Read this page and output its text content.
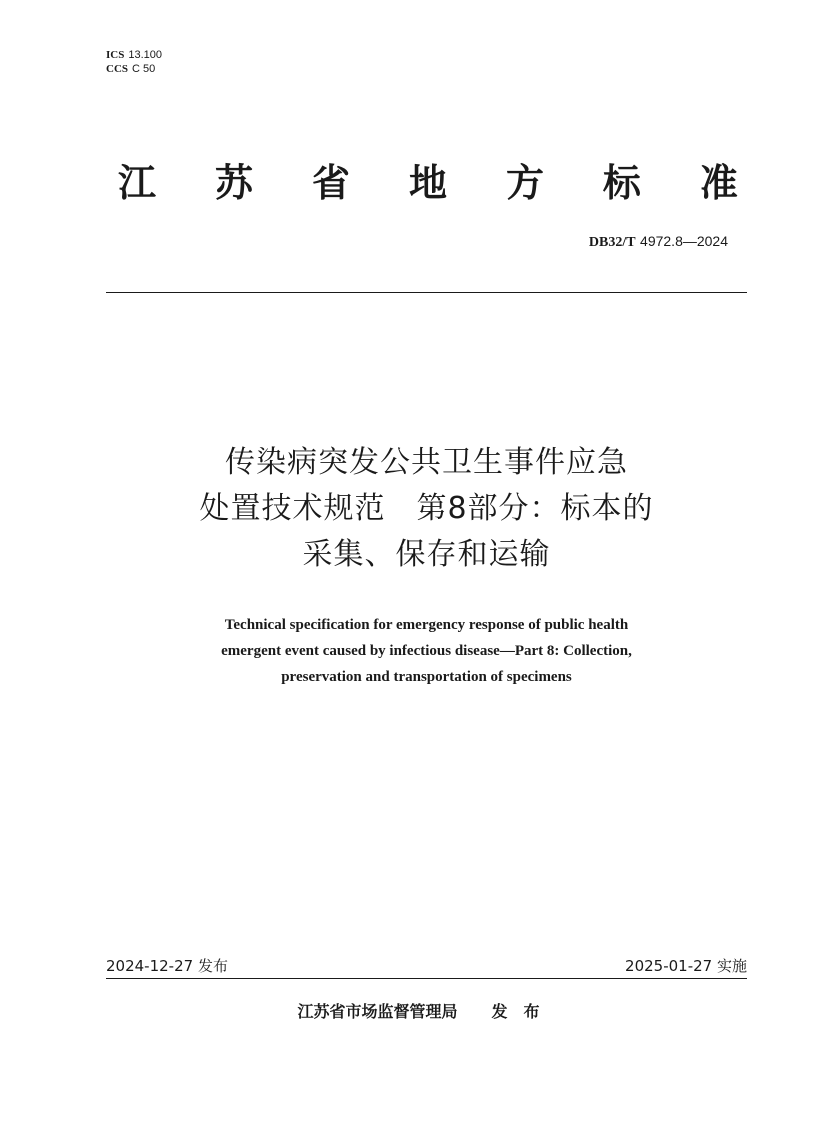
ICS 13.100
CCS C 50
江 苏 省 地 方 标 准
DB32/T 4972.8—2024
传染病突发公共卫生事件应急
处置技术规范　第8部分：标本的
采集、保存和运输
Technical specification for emergency response of public health
emergent event caused by infectious disease—Part 8: Collection,
preservation and transportation of specimens
2024-12-27 发布	2025-01-27 实施
江苏省市场监督管理局 发布
